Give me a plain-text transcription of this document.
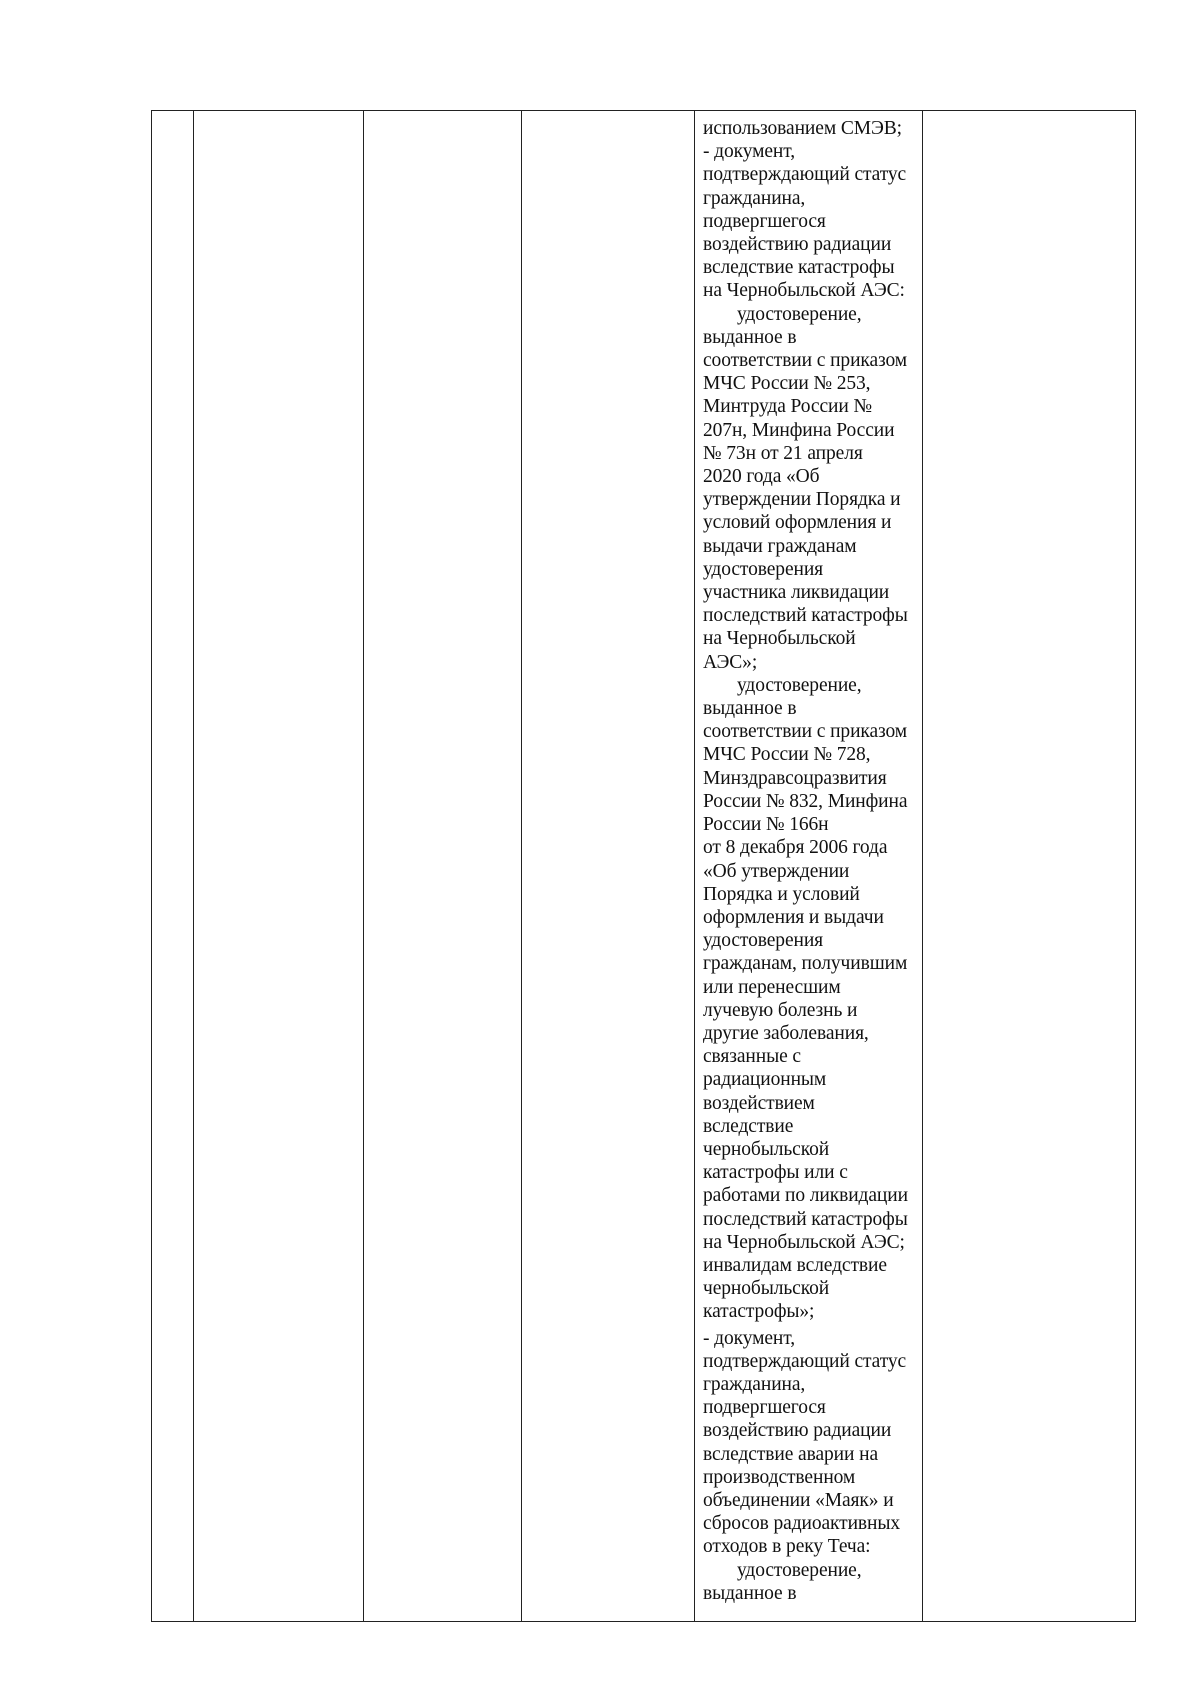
использованием СМЭВ;
- документ,
подтверждающий статус
гражданина,
подвергшегося
воздействию радиации
вследствие катастрофы
на Чернобыльской АЭС:
удостоверение,
выданное в
соответствии с приказом
МЧС России № 253,
Минтруда России №
207н, Минфина России
№ 73н от 21 апреля
2020 года «Об
утверждении Порядка и
условий оформления и
выдачи гражданам
удостоверения
участника ликвидации
последствий катастрофы
на Чернобыльской
АЭС»;
удостоверение,
выданное в
соответствии с приказом
МЧС России № 728,
Минздравсоцразвития
России № 832, Минфина
России № 166н
от 8 декабря 2006 года
«Об утверждении
Порядка и условий
оформления и выдачи
удостоверения
гражданам, получившим
или перенесшим
лучевую болезнь и
другие заболевания,
связанные с
радиационным
воздействием
вследствие
чернобыльской
катастрофы или с
работами по ликвидации
последствий катастрофы
на Чернобыльской АЭС;
инвалидам вследствие
чернобыльской
катастрофы»;
- документ,
подтверждающий статус
гражданина,
подвергшегося
воздействию радиации
вследствие аварии на
производственном
объединении «Маяк» и
сбросов радиоактивных
отходов в реку Теча:
удостоверение,
выданное в
